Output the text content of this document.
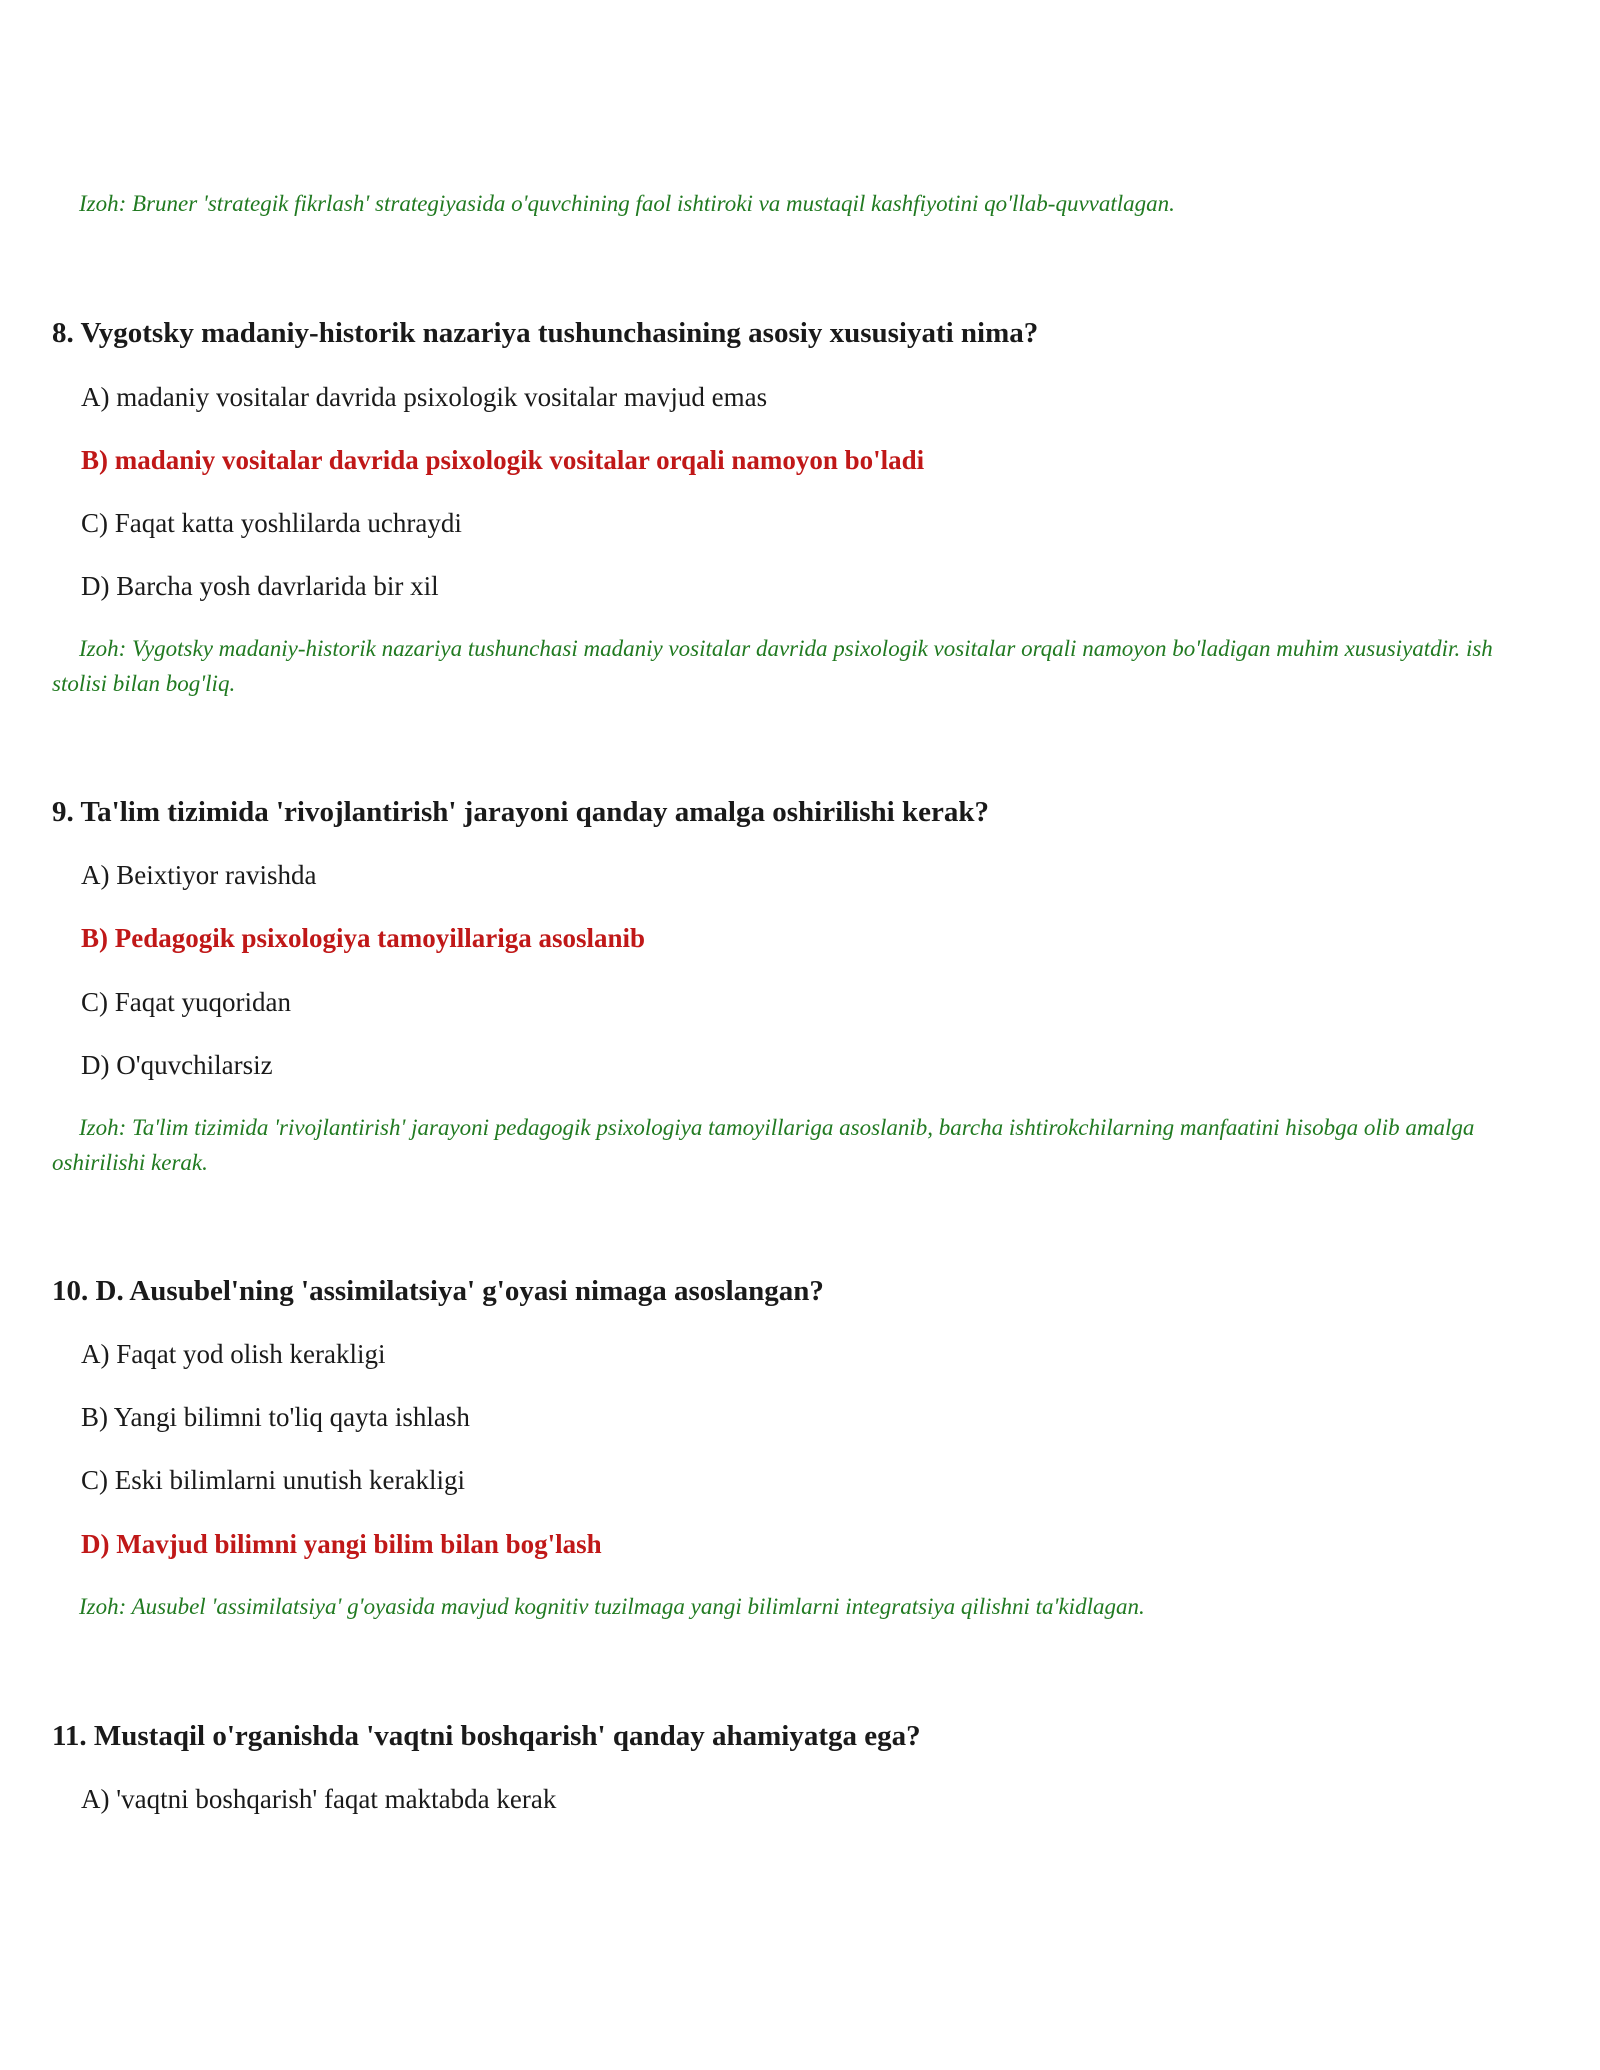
Izoh: Bruner 'strategik fikrlash' strategiyasida o'quvchining faol ishtiroki va mustaqil kashfiyotini qo'llab-quvvatlagan.

8. Vygotsky madaniy-historik nazariya tushunchasining asosiy xususiyati nima?

A) madaniy vositalar davrida psixologik vositalar mavjud emas

B) madaniy vositalar davrida psixologik vositalar orqali namoyon bo'ladi

C) Faqat katta yoshlilarda uchraydi

D) Barcha yosh davrlarida bir xil

Izoh: Vygotsky madaniy-historik nazariya tushunchasi madaniy vositalar davrida psixologik vositalar orqali namoyon bo'ladigan muhim xususiyatdir. ish stolisi bilan bog'liq.

9. Ta'lim tizimida 'rivojlantirish' jarayoni qanday amalga oshirilishi kerak?

A) Beixtiyor ravishda

B) Pedagogik psixologiya tamoyillariga asoslanib

C) Faqat yuqoridan

D) O'quvchilarsiz

Izoh: Ta'lim tizimida 'rivojlantirish' jarayoni pedagogik psixologiya tamoyillariga asoslanib, barcha ishtirokchilarning manfaatini hisobga olib amalga oshirilishi kerak.

10. D. Ausubel'ning 'assimilatsiya' g'oyasi nimaga asoslangan?

A) Faqat yod olish kerakligi

B) Yangi bilimni to'liq qayta ishlash

C) Eski bilimlarni unutish kerakligi

D) Mavjud bilimni yangi bilim bilan bog'lash

Izoh: Ausubel 'assimilatsiya' g'oyasida mavjud kognitiv tuzilmaga yangi bilimlarni integratsiya qilishni ta'kidlagan.

11. Mustaqil o'rganishda 'vaqtni boshqarish' qanday ahamiyatga ega?

A) 'vaqtni boshqarish' faqat maktabda kerak
